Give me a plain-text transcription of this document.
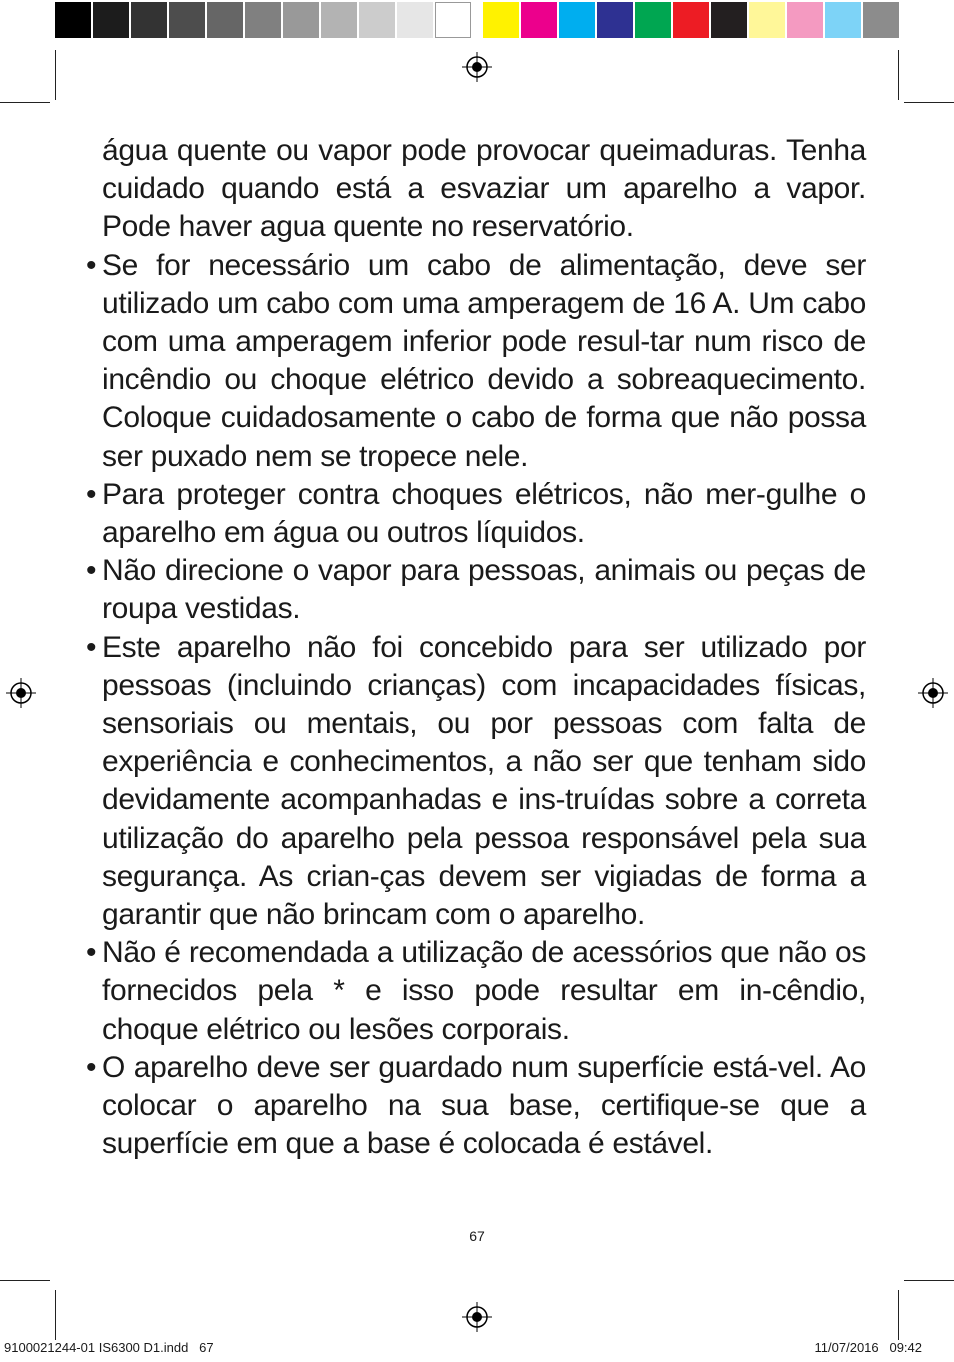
água quente ou vapor pode provocar queimaduras. Tenha cuidado quando está a esvaziar um aparelho a vapor. Pode haver agua quente no reservatório.

• Se for necessário um cabo de alimentação, deve ser utilizado um cabo com uma amperagem de 16 A. Um cabo com uma amperagem inferior pode resul-tar num risco de incêndio ou choque elétrico devido a sobreaquecimento. Coloque cuidadosamente o cabo de forma que não possa ser puxado nem se tropece nele.

• Para proteger contra choques elétricos, não mer-gulhe o aparelho em água ou outros líquidos.

• Não direcione o vapor para pessoas, animais ou peças de roupa vestidas.

• Este aparelho não foi concebido para ser utilizado por pessoas (incluindo crianças) com incapacidades físicas, sensoriais ou mentais, ou por pessoas com falta de experiência e conhecimentos, a não ser que tenham sido devidamente acompanhadas e ins-truídas sobre a correta utilização do aparelho pela pessoa responsável pela sua segurança. As crian-ças devem ser vigiadas de forma a garantir que não brincam com o aparelho.

• Não é recomendada a utilização de acessórios que não os fornecidos pela * e isso pode resultar em in-cêndio, choque elétrico ou lesões corporais.

• O aparelho deve ser guardado num superfície está-vel. Ao colocar o aparelho na sua base, certifique-se que a superfície em que a base é colocada é estável.

67
9100021244-01 IS6300 D1.indd   67	11/07/2016   09:42
